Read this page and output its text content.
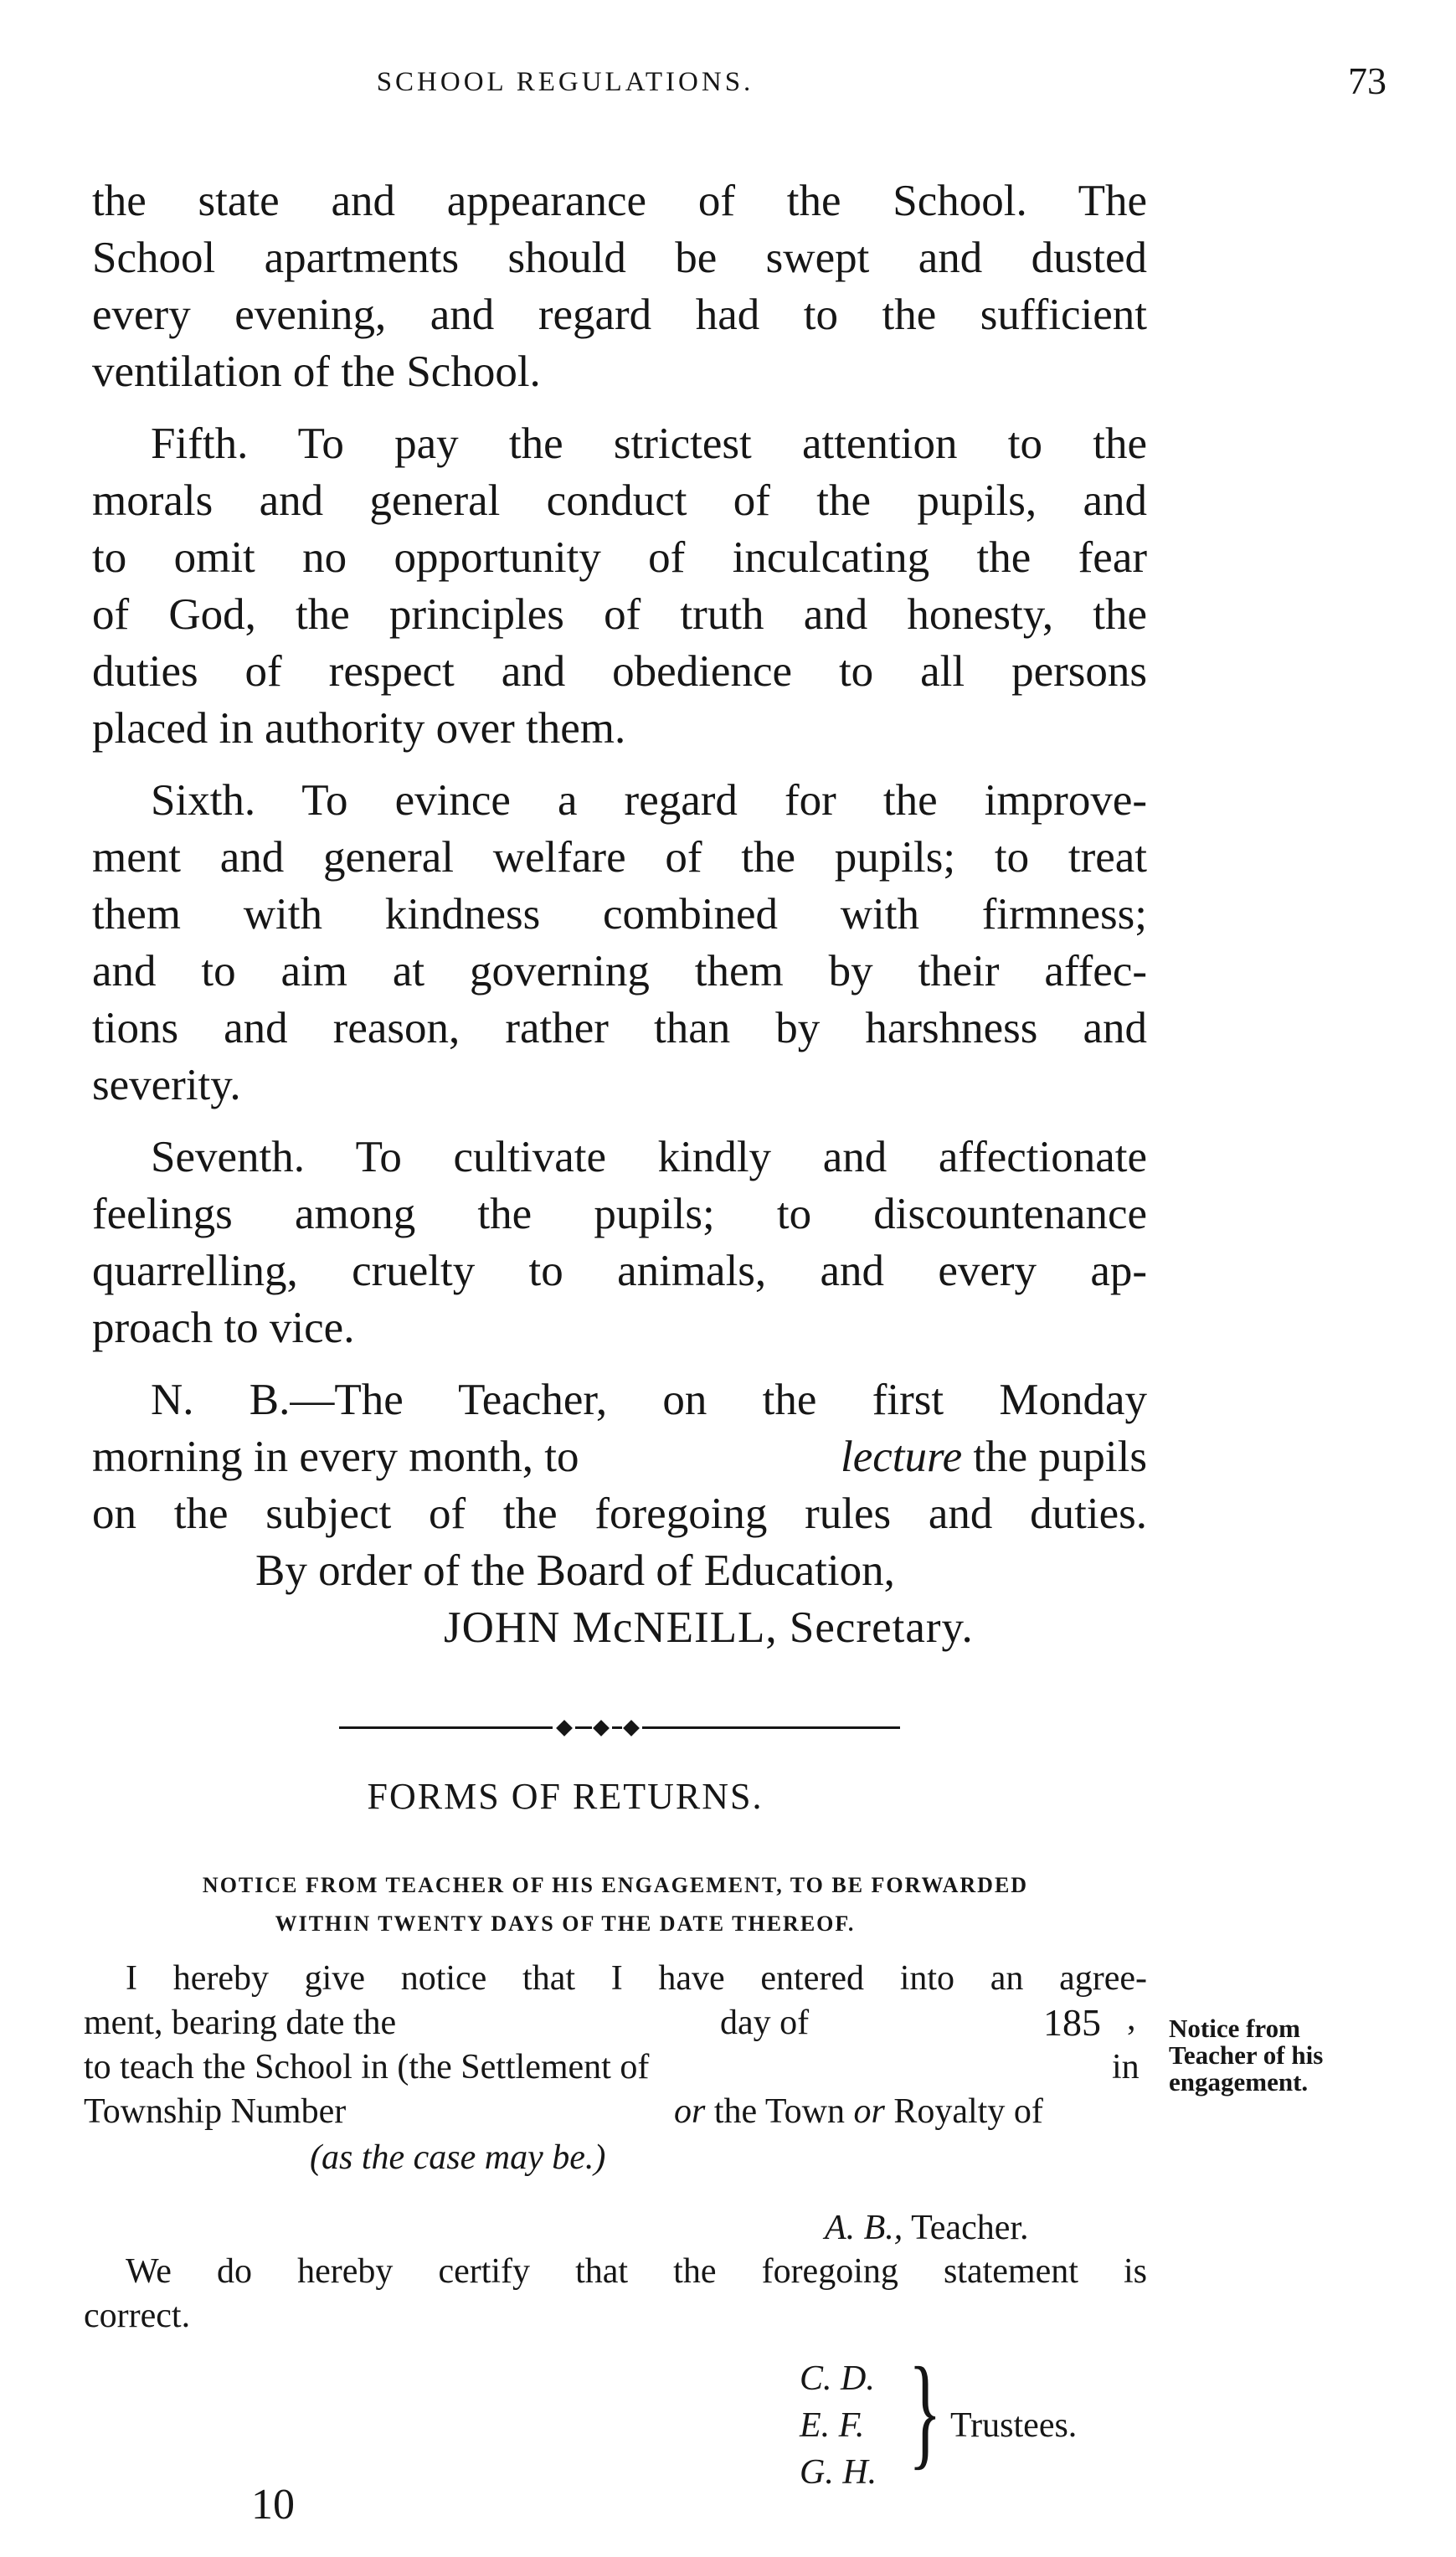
SCHOOL REGULATIONS.	73
the state and appearance of the School. The
School apartments should be swept and dusted
every evening, and regard had to the sufficient
ventilation of the School.
Fifth. To pay the strictest attention to the
morals and general conduct of the pupils, and
to omit no opportunity of inculcating the fear
of God, the principles of truth and honesty, the
duties of respect and obedience to all persons
placed in authority over them.
Sixth. To evince a regard for the improve-
ment and general welfare of the pupils; to treat
them with kindness combined with firmness;
and to aim at governing them by their affec-
tions and reason, rather than by harshness and
severity.
Seventh. To cultivate kindly and affectionate
feelings among the pupils; to discountenance
quarrelling, cruelty to animals, and every ap-
proach to vice.
N. B.—The Teacher, on the first Monday
morning in every month, to	lecture the pupils
on the subject of the foregoing rules and duties.
By order of the Board of Education,
JOHN McNEILL, Secretary.
FORMS OF RETURNS.
NOTICE FROM TEACHER OF HIS ENGAGEMENT, TO BE FORWARDED
WITHIN TWENTY DAYS OF THE DATE THEREOF.
I hereby give notice that I have entered into an agree-
ment, bearing date the	day of	185 ,
to teach the School in (the Settlement of	in
Township Number	or the Town or Royalty of
(as the case may be.)
A. B., Teacher.
We do hereby certify that the foregoing statement is
correct.
C. D.
E. F.
G. H. } Trustees.
Notice from
Teacher of his
engagement.
10
